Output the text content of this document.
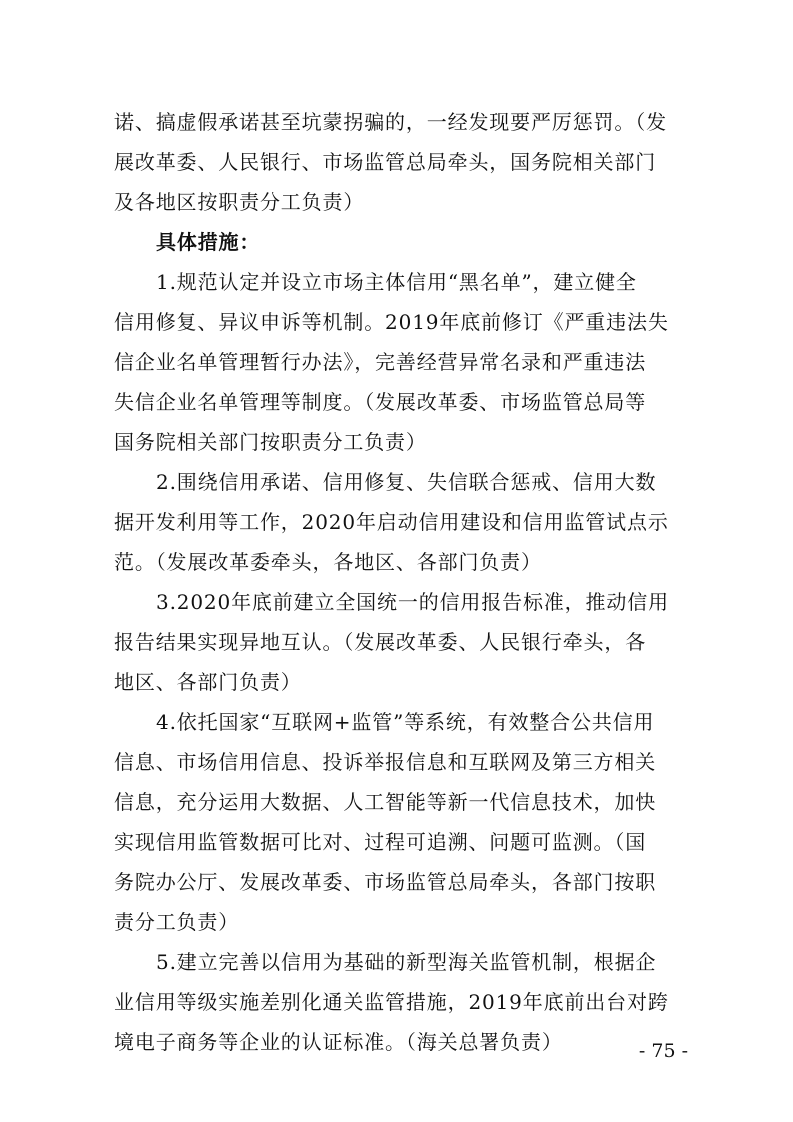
诺、搞虚假承诺甚至坑蒙拐骗的，一经发现要严厉惩罚。（发
展改革委、人民银行、市场监管总局牵头，国务院相关部门
及各地区按职责分工负责）
具体措施：
1.规范认定并设立市场主体信用“黑名单”，建立健全
信用修复、异议申诉等机制。2019年底前修订《严重违法失
信企业名单管理暂行办法》，完善经营异常名录和严重违法
失信企业名单管理等制度。（发展改革委、市场监管总局等
国务院相关部门按职责分工负责）
2.围绕信用承诺、信用修复、失信联合惩戒、信用大数
据开发利用等工作，2020年启动信用建设和信用监管试点示
范。（发展改革委牵头，各地区、各部门负责）
3.2020年底前建立全国统一的信用报告标准，推动信用
报告结果实现异地互认。（发展改革委、人民银行牵头，各
地区、各部门负责）
4.依托国家“互联网+监管”等系统，有效整合公共信用
信息、市场信用信息、投诉举报信息和互联网及第三方相关
信息，充分运用大数据、人工智能等新一代信息技术，加快
实现信用监管数据可比对、过程可追溯、问题可监测。（国
务院办公厅、发展改革委、市场监管总局牵头，各部门按职
责分工负责）
5.建立完善以信用为基础的新型海关监管机制，根据企
业信用等级实施差别化通关监管措施，2019年底前出台对跨
境电子商务等企业的认证标准。（海关总署负责）	- 75 -
